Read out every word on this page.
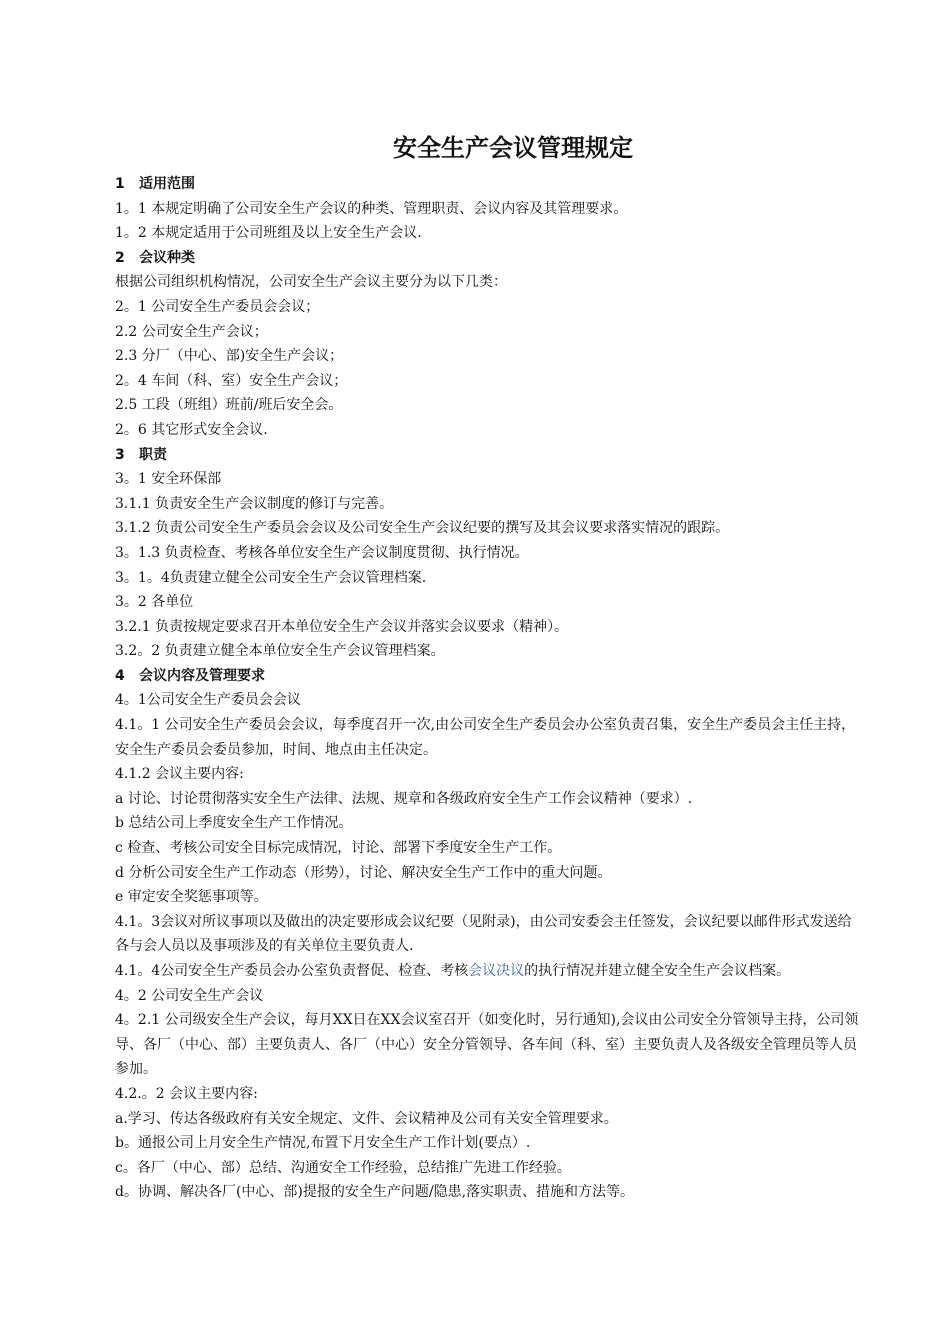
安全生产会议管理规定

1 适用范围

1。1 本规定明确了公司安全生产会议的种类、管理职责、会议内容及其管理要求。

1。2 本规定适用于公司班组及以上安全生产会议.

2 会议种类

根据公司组织机构情况，公司安全生产会议主要分为以下几类：

2。1 公司安全生产委员会会议；

2.2 公司安全生产会议；

2.3 分厂（中心、部)安全生产会议；

2。4 车间（科、室）安全生产会议；

2.5 工段（班组）班前/班后安全会。

2。6 其它形式安全会议.

3 职责

3。1 安全环保部

3.1.1 负责安全生产会议制度的修订与完善。

3.1.2 负责公司安全生产委员会会议及公司安全生产会议纪要的撰写及其会议要求落实情况的跟踪。

3。1.3 负责检查、考核各单位安全生产会议制度贯彻、执行情况。

3。1。4负责建立健全公司安全生产会议管理档案.

3。2 各单位

3.2.1 负责按规定要求召开本单位安全生产会议并落实会议要求（精神）。

3.2。2 负责建立健全本单位安全生产会议管理档案。

4 会议内容及管理要求

4。1公司安全生产委员会会议

4.1。1 公司安全生产委员会会议，每季度召开一次,由公司安全生产委员会办公室负责召集，安全生产委员会主任主持，安全生产委员会委员参加，时间、地点由主任决定。

4.1.2 会议主要内容:

a 讨论、讨论贯彻落实安全生产法律、法规、规章和各级政府安全生产工作会议精神（要求）.

b 总结公司上季度安全生产工作情况。

c 检查、考核公司安全目标完成情况，讨论、部署下季度安全生产工作。

d 分析公司安全生产工作动态（形势），讨论、解决安全生产工作中的重大问题。

e 审定安全奖惩事项等。

4.1。3会议对所议事项以及做出的决定要形成会议纪要（见附录)，由公司安委会主任签发，会议纪要以邮件形式发送给各与会人员以及事项涉及的有关单位主要负责人.

4.1。4公司安全生产委员会办公室负责督促、检查、考核会议决议的执行情况并建立健全安全生产会议档案。

4。2 公司安全生产会议

4。2.1 公司级安全生产会议，每月XX日在XX会议室召开（如变化时，另行通知),会议由公司安全分管领导主持，公司领导、各厂（中心、部）主要负责人、各厂（中心）安全分管领导、各车间（科、室）主要负责人及各级安全管理员等人员参加。

4.2.。2 会议主要内容:

a.学习、传达各级政府有关安全规定、文件、会议精神及公司有关安全管理要求。

b。通报公司上月安全生产情况,布置下月安全生产工作计划(要点）.

c。各厂（中心、部）总结、沟通安全工作经验，总结推广先进工作经验。

d。协调、解决各厂(中心、部)提报的安全生产问题/隐患,落实职责、措施和方法等。
